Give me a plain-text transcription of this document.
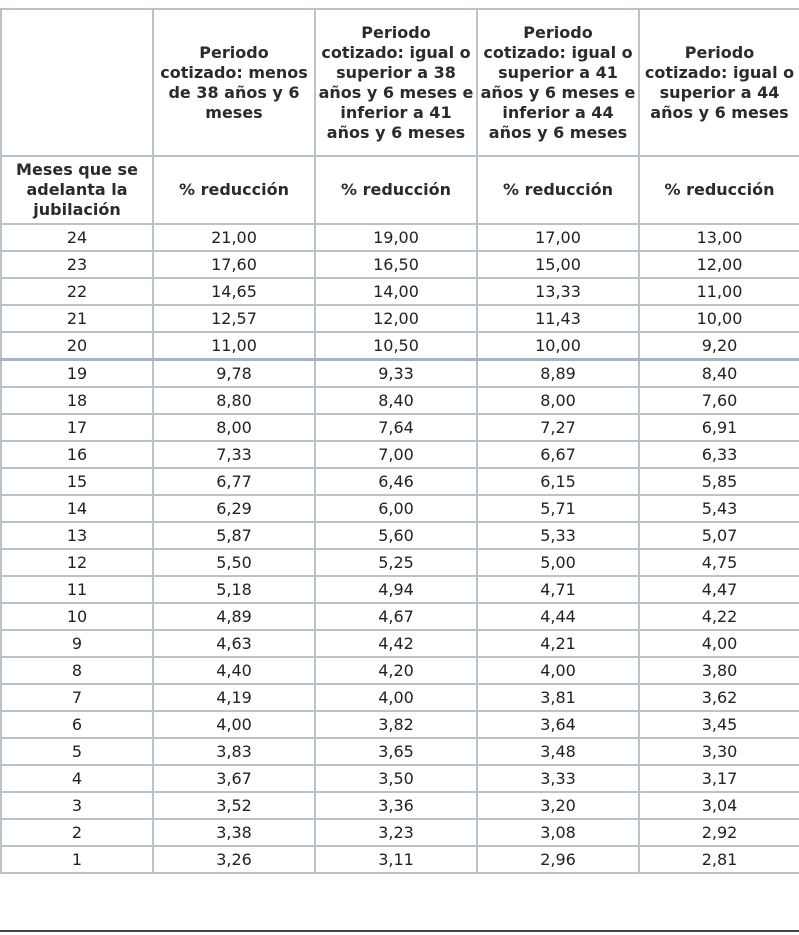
	Periodo cotizado: menos de 38 años y 6 meses	Periodo cotizado: igual o superior a 38 años y 6 meses e inferior a 41 años y 6 meses	Periodo cotizado: igual o superior a 41 años y 6 meses e inferior a 44 años y 6 meses	Periodo cotizado: igual o superior a 44 años y 6 meses
Meses que se adelanta la jubilación	% reducción	% reducción	% reducción	% reducción
24	21,00	19,00	17,00	13,00
23	17,60	16,50	15,00	12,00
22	14,65	14,00	13,33	11,00
21	12,57	12,00	11,43	10,00
20	11,00	10,50	10,00	9,20
19	9,78	9,33	8,89	8,40
18	8,80	8,40	8,00	7,60
17	8,00	7,64	7,27	6,91
16	7,33	7,00	6,67	6,33
15	6,77	6,46	6,15	5,85
14	6,29	6,00	5,71	5,43
13	5,87	5,60	5,33	5,07
12	5,50	5,25	5,00	4,75
11	5,18	4,94	4,71	4,47
10	4,89	4,67	4,44	4,22
9	4,63	4,42	4,21	4,00
8	4,40	4,20	4,00	3,80
7	4,19	4,00	3,81	3,62
6	4,00	3,82	3,64	3,45
5	3,83	3,65	3,48	3,30
4	3,67	3,50	3,33	3,17
3	3,52	3,36	3,20	3,04
2	3,38	3,23	3,08	2,92
1	3,26	3,11	2,96	2,81
